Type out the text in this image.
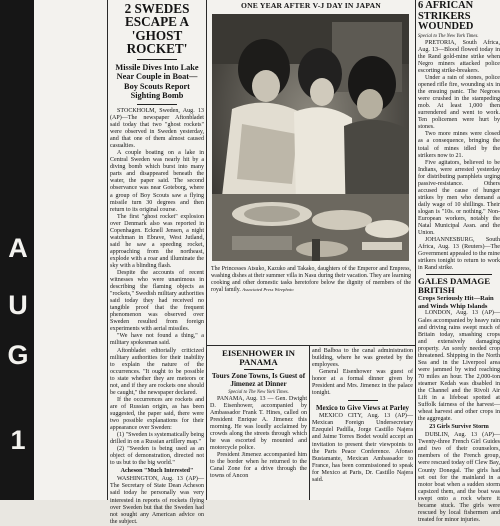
A
U
G
1
2 SWEDES ESCAPE A 'GHOST ROCKET'
Missile Dives Into Lake Near Couple in Boat—Boy Scouts Report Sighting Bomb

STOCKHOLM, Sweden, Aug. 13 (AP)—The newspaper Aftonbladet said today that two "ghost rockets" were observed in Sweden yesterday, and that one of them almost caused casualties.

A couple boating on a lake in Central Sweden was nearly hit by a diving bomb which burst into many parts and disappeared beneath the water, the paper said. The second observance was near Goteborg, where a group of Boy Scouts saw a flying missile turn 30 degrees and then return to its original course.

The first "ghost rocket" explosion over Denmark also was reported in Copenhagen. Ecknell Jensen, a night watchman in Ebrave, West Jutland, said he saw a speeding rocket, approaching from the northeast, explode with a roar and illuminate the sky with a blinding flash.

Despite the accounts of recent witnesses who were unanimous in describing the flaming objects as "rockets," Swedish military authorities said today they had received no tangible proof that the frequent phenomenon was observed over Sweden resulted from foreign experiments with aerial missiles.

"We have not found a thing," a military spokesman said.

Aftonbladet editorially criticized military authorities for their inability to explain the nature of the occurrences. "It ought to be possible to state whether they are meteors or not, and if they are rockets one should be caught," the newspaper declared.

If the occurrences are rockets and are of Russian origin, as has been suggested, the paper said, there were two possible explanations for their appearance over Sweden:

(1) "Sweden is systematically being drilled in on a Russian artillery map."

(2) "Sweden is being used as an object of demonstration, directed not to us but to the big world."

Acheson "Much Interested"

WASHINGTON, Aug. 13 (AP)—The Secretary of State Dean Acheson said today he personally was very interested in reports of rockets flying over Sweden but that the Sweden had not sought any American advice on the subject.

ONE YEAR AFTER V-J DAY IN JAPAN
The Princesses Atsuko, Kazuko and Takako, daughters of the Emperor and Empress, washing dishes at their summer villa in Nasu during their vacation. They are learning cooking and other domestic tasks heretofore below the dignity of members of the royal family. Associated Press Wirephoto
EISENHOWER IN PANAMA
Tours Zone Towns, Is Guest of Jimenez at Dinner
Special to The New York Times.

PANAMA, Aug. 13 — Gen. Dwight D. Eisenhower, accompanied by Ambassador Frank T. Hines, called on President Enrique A. Jimenez this morning. He was loudly acclaimed by crowds along the streets through which he was escorted by mounted and motorcycle police.

President Jimenez accompanied him to the border when he returned to the Canal Zone for a drive through the towns of Ancon

and Balboa to the canal administration building, where he was greeted by the employees.

General Eisenhower was guest of honor at a formal dinner given by President and Mrs. Jimenez in the palace tonight.

Mexico to Give Views at Parley

MEXICO CITY, Aug. 13 (AP)—Mexican Foreign Undersecretary Ezequiel Padilla, Jorge Castillo Najera and Jaime Torres Bodet would accept an invitation to present their viewpoints to the Paris Peace Conference. Afonso Bustamante, Mexican Ambassador to France, has been commissioned to speak for Mexico at Paris, Dr. Castillo Najera said.

6 AFRICAN STRIKERS WOUNDED
Special to The New York Times.

PRETORIA, South Africa, Aug. 13—Blood flowed today in the Rand gold-mine strike when Negro miners attacked police escorting strike-breakers.

Under a rain of stones, police opened rifle fire, wounding six in the ensuing panic. The Negroes were crushed in the stampeding mob. At least 1,000 then surrendered and went to work. Ten policemen were hurt by stones.

Two more mines were closed as a consequence, bringing the total of mines idled by the strikers now to 21.

Five agitators, believed to be Indians, were arrested yesterday for distributing pamphlets urging passive-resistance. Others accused the cause of hunger strikes by men who demand a daily wage of 10 shillings. Their slogan is "10s. or nothing." Non-European workers, notably the Natal Municipal Assn. and the Union.

JOHANNESBURG, South Africa, Aug. 13 (Reuters)—The Government appealed to the mine strikers tonight to return to work in Rand strike.

GALES DAMAGE BRITISH
Crops Seriously Hit—Rain and Winds Whip Islands

LONDON, Aug. 13 (AP)—Gales accompanied by heavy rain and driving rains swept much of Britain today, smashing crops and extensively damaging property. An sorely needed crop threatened. Shipping in the North Sea and in the Liverpool area were jammed by wind reaching 70 miles an hour. The 2,000-ton steamer Kedah was disabled in the Channel and the Rivoli Air Lift in a lifeboat spotted at Suffolk fairness of the harvest—wheat harvest and other crops in the aggregate.

23 Girls Survive Storm

DUBLIN, Aug. 13 (AP)—Twenty-three French Girl Guides and two of their counselors, members of the French group, were rescued today off Clew Bay, County Donegal. The girls had set out for the mainland in a motor boat when a sudden storm capsized them, and the boat was swept onto a rock where it became stuck. The girls were rescued by local fishermen and treated for minor injuries.
